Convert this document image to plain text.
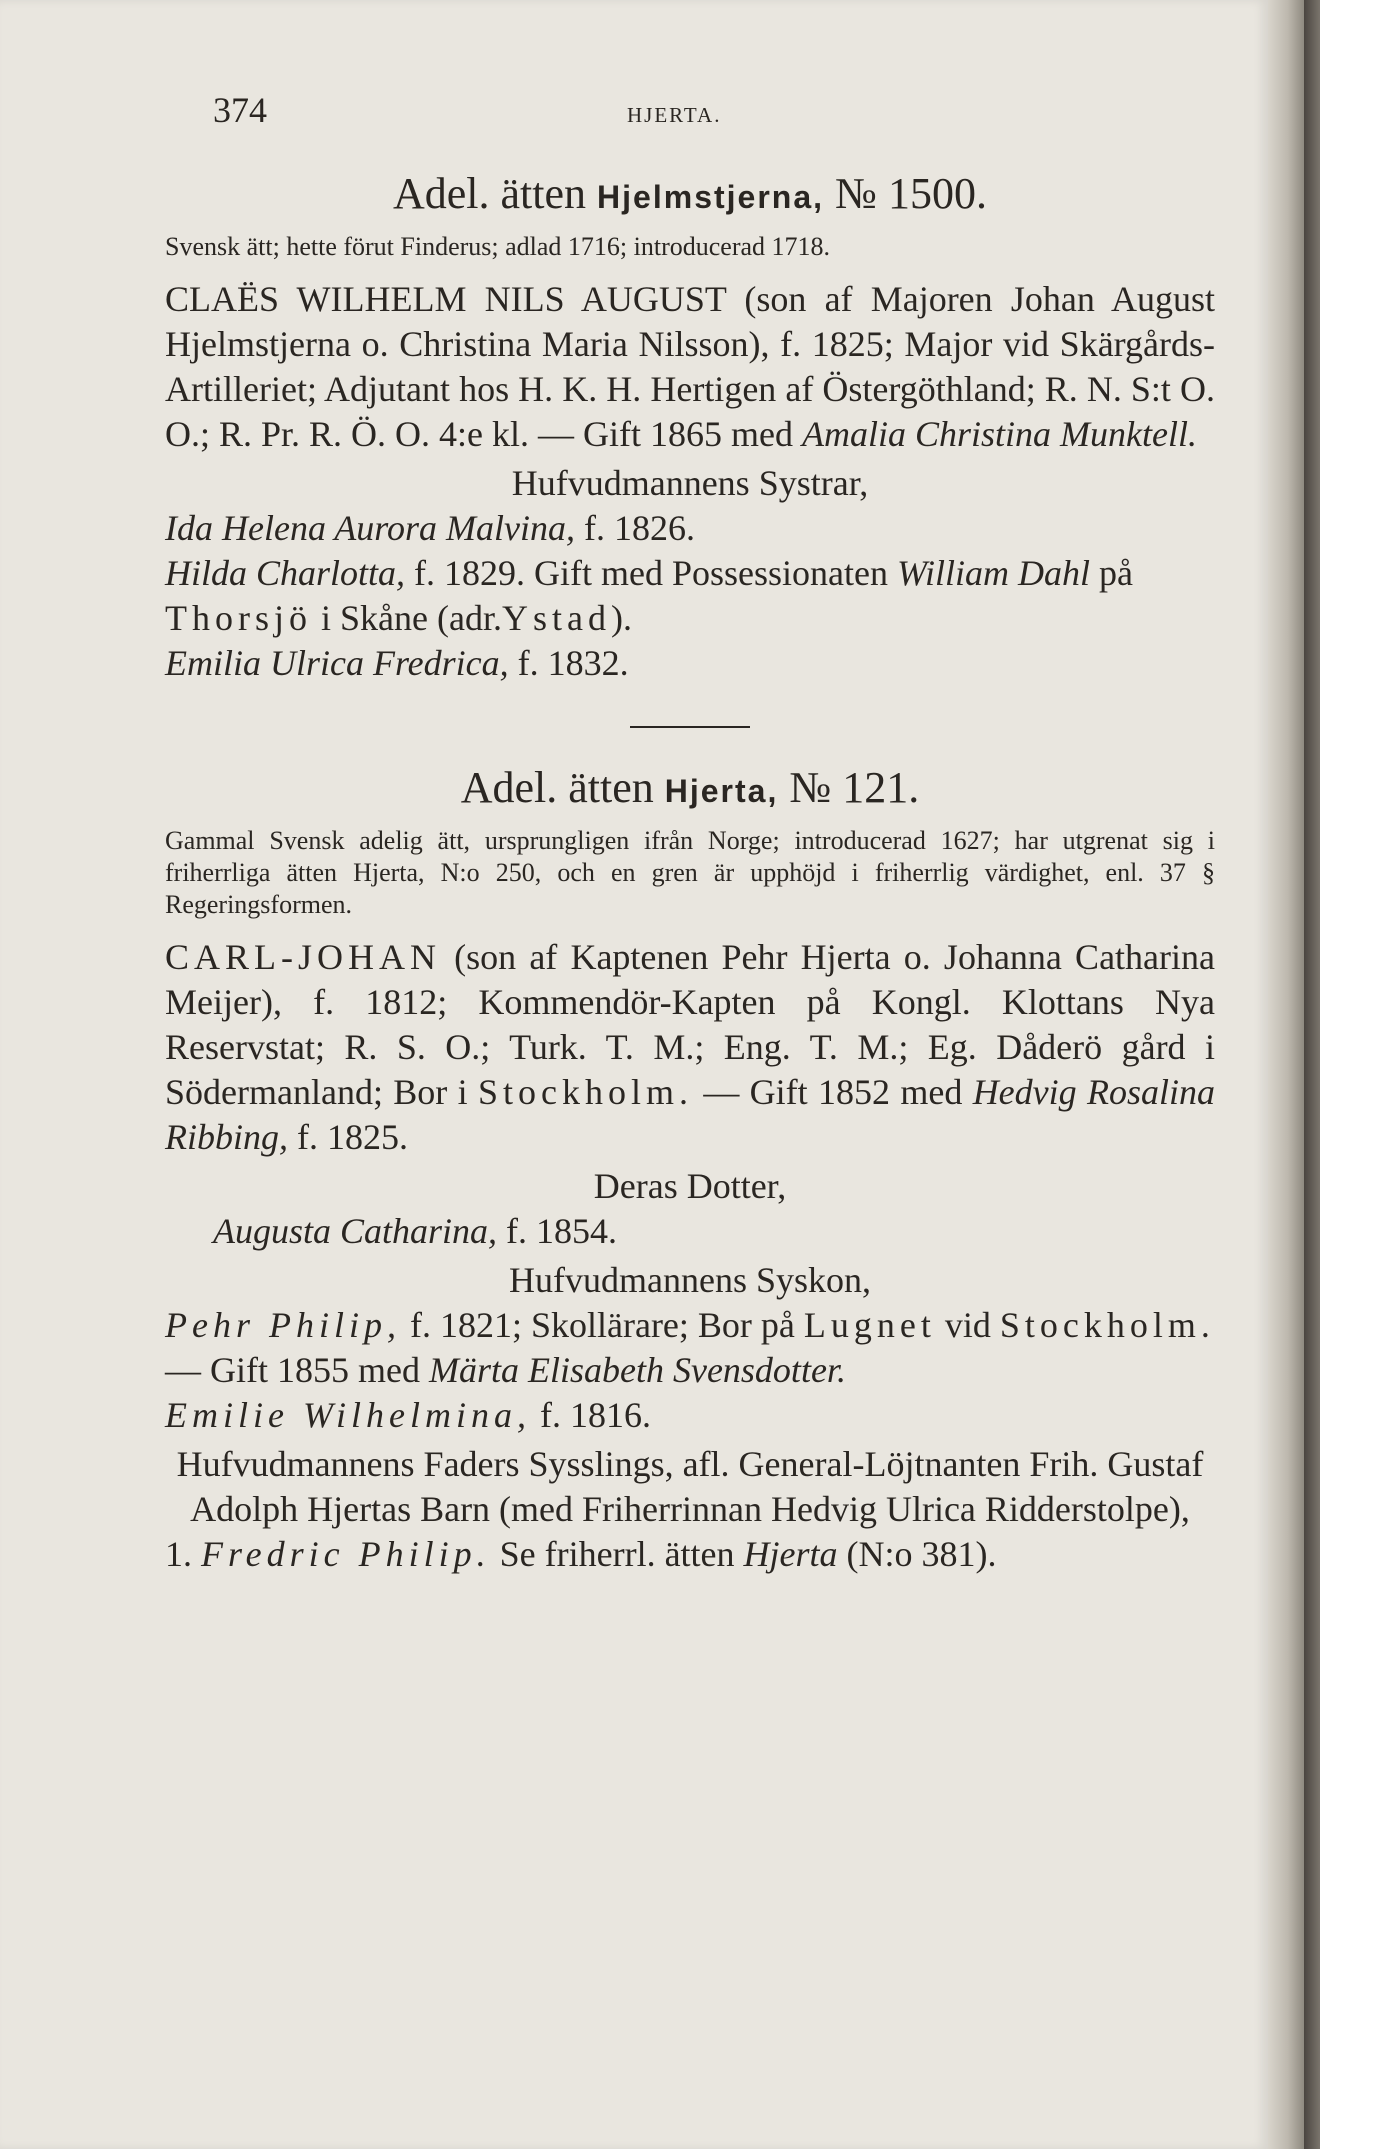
374	HJERTA.
Adel. ätten Hjelmstjerna, № 1500.
Svensk ätt; hette förut Finderus; adlad 1716; introducerad 1718.

CLAËS WILHELM NILS AUGUST (son af Majoren Johan August Hjelmstjerna o. Christina Maria Nilsson), f. 1825; Major vid Skärgårds-Artilleriet; Adjutant hos H. K. H. Hertigen af Östergöthland; R. N. S:t O. O.; R. Pr. R. Ö. O. 4:e kl. — Gift 1865 med Amalia Christina Munktell.

Hufvudmannens Systrar,

Ida Helena Aurora Malvina, f. 1826.

Hilda Charlotta, f. 1829. Gift med Possessionaten William Dahl på Thorsjö i Skåne (adr.Ystad).

Emilia Ulrica Fredrica, f. 1832.

Adel. ätten Hjerta, № 121.
Gammal Svensk adelig ätt, ursprungligen ifrån Norge; introducerad 1627; har utgrenat sig i friherrliga ätten Hjerta, N:o 250, och en gren är upphöjd i friherrlig värdighet, enl. 37 § Regeringsformen.

CARL-JOHAN (son af Kaptenen Pehr Hjerta o. Johanna Catharina Meijer), f. 1812; Kommendör-Kapten på Kongl. Klottans Nya Reservstat; R. S. O.; Turk. T. M.; Eng. T. M.; Eg. Dåderö gård i Södermanland; Bor i Stockholm. — Gift 1852 med Hedvig Rosalina Ribbing, f. 1825.

Deras Dotter,

Augusta Catharina, f. 1854.

Hufvudmannens Syskon,

Pehr Philip, f. 1821; Skollärare; Bor på Lugnet vid Stockholm. — Gift 1855 med Märta Elisabeth Svensdotter.

Emilie Wilhelmina, f. 1816.

Hufvudmannens Faders Sysslings, afl. General-Löjtnanten Frih. Gustaf Adolph Hjertas Barn (med Friherrinnan Hedvig Ulrica Ridderstolpe),

1. Fredric Philip. Se friherrl. ätten Hjerta (N:o 381).
